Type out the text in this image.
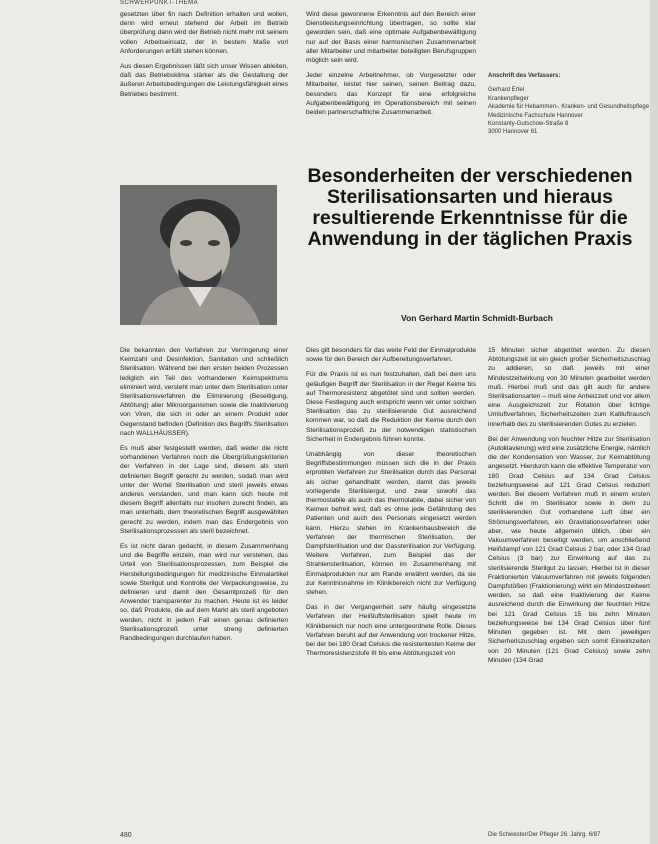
SCHWERPUNKT-THEMA

gesetzten über fin nach Definition erhalten und wollen, denn wird erneut stehend der Arbeit im Betrieb überprüfung dann wird der Betrieb nicht mehr mit seinem vollen Arbeitseinsatz, der in bestem Maße vorl Anforderungen erfüllt stehen können.

Aus diesen Ergebnissen läßt sich unser Wissen ableiten, daß das Betriebsklima stärker als die Gestaltung der äußeren Arbeitsbedingungen die Leistungsfähigkeit eines Betriebes bestimmt.

Wird diese gewonnene Erkenntnis auf den Bereich einer Dienstleistungseinrichtung übertragen, so sollte klar geworden sein, daß eine optimale Aufgabenbewältigung nur auf der Basis einer harmonischen Zusammenarbeit aller Mitarbeiter und mitarbeiter beteiligten Berufsgruppen möglich sein wird.

Jeder einzelne Arbeitnehmer, ob Vorgesetzter oder Mitarbeiter, leistet hier seinen, seinen Beitrag dazu, besonders das Konzept für eine erfolgreiche Aufgabenbewältigung im Operationsbereich mit seinen beiden partnerschaftliche Zusammenarbeit.

Anschrift des Verfassers:
Gerhard Ertel
Krankenpfleger
Akademie für Hebammen-, Kranken- und Gesundheitspflege
Medizinische Fachschule Hannover
Konstanty-Gutschow-Straße 8
3000 Hannover 61
Besonderheiten der verschiedenen Sterilisationsarten und hieraus resultierende Erkenntnisse für die Anwendung in der täglichen Praxis
Von Gerhard Martin Schmidt-Burbach

Die bekannten den Verfahren zur Verringerung einer Keimzahl und Desinfektion, Sanitation und schließlich Sterilisation. Während bei den ersten beiden Prozessen lediglich ein Teil des vorhandenen Keimspektrums eliminiert wird, versteht man unter dem Sterilisation unter Sterilisationsverfahren die Eliminierung (Beseitigung, Abtötung) aller Mikroorganismen sowie die Inaktivierung von Viren, die sich in oder an einem Produkt oder Gegenstand befinden (Definition des Begriffs Sterilisation nach WALLHÄUSSER).

Es muß aber festgestellt werden, daß weder die nicht vorhandenen Verfahren noch die Übergrüßungskriterien der Verfahren in der Lage sind, diesem als steril definierten Begriff gerecht zu werden, sodaß man wird unter der Wortel Sterilisation und steril jeweils etwas anderes verstanden, und man kann sich heute mit diesem Begriff allenfalls nur insofern zurecht finden, als man unterhalb, dem theoretischen Begriff ausgewählten gerecht zu werden, indem man das Endergebnis von Sterilisationsprozessen als steril bezeichnet.

Es ist nicht daran gedacht, in diesem Zusammenhang und die Begriffe einzeln, man wird nur verstehen, das Urteil von Sterilisationsprozessen, zum Beispiel die Herstellungsbedingungen für medizinische Einmalartikel sowie Sterilgut und Kontrolle der Verpackungsweise, zu definieren und damit den Gesamtprozeß für den Anwender transparenter zu machen. Heute ist es leider so, daß Produkte, die auf dem Markt als steril angeboten werden, nicht in jedem Fall einen genau definierten Sterilisationsprozeß unter streng definierten Randbedingungen durchlaufen haben.

Dies gilt besonders für das weite Feld der Einmalprodukte sowie für den Bereich der Aufbereitungsverfahren.

Für die Praxis ist es nun festzuhalten, daß bei dem uns geläufigen Begriff der Sterilisation in der Regel Keime bis auf Thermoresistenz abgetötet sind und sollten werden. Diese Festlegung auch entspricht wenn wir unter solchen Sterilisation das zu sterilisierende Gut ausreichend kommen war, so daß die Reduktion der Keime durch den Sterilisationsprozeß zu der notwendigen statistischen Sicherheit in Endergebnis führen konnte.

Unabhängig von dieser theoretischen Begriffsbestimmungen müssen sich die in der Praxis erprobten Verfahren zur Sterilisation durch das Personal als sicher gehandhabt werden, damit das jeweils vorliegende Sterilisiergut, und zwar sowohl das thermostabile als auch das thermolabile, dabei sicher von Keimen befreit wird, daß es ohne jede Gefährdung des Patienten und auch des Personals eingesetzt werden kann. Hierzu stehen im Krankenhausbereich die Verfahren der thermischen Sterilisation, der Dampfsterilisation und der Gassterilisation zur Verfügung. Weitere Verfahren, zum Beispiel das der Strahlensterilisation, können im Zusammenhang mit Einmalprodukten nur am Rande erwähnt werden, da sie zur Kenntnisnahme im Klinikbereich nicht zur Verfügung stehen.

Das in der Vergangenheit sehr häufig eingesetzte Verfahren der Heißluftsterilisation spielt heute im Klinikbereich nur noch eine untergeordnete Rolle. Dieses Verfahren beruht auf der Anwendung von trockener Hitze, bei der bei 180 Grad Celsius die resistentesten Keime der Thermoresistenzstufe III bis eine Abtötungszeit von

15 Minuten sicher abgetötet werden. Zu diesen Abtötungszeit ist ein gleich großer Sicherheitszuschlag zu addieren, so daß jeweils mit einer Mindestzeitwirkung von 30 Minuten gearbeitet werden muß. Hierbei muß und das gilt auch für andere Sterilisationsarten – muß eine Anheizzeit und vor allem eine Ausgleichszeit zur Rotation über lichtige Umluftverfahren, Sicherheitszeiten zum Kaltluftrausch innerhalb des zu sterilisierenden Gutes zu erzielen.

Bei der Anwendung von feuchter Hitze zur Sterilisation (Autoklavierung) wird eine zusätzliche Energie, nämlich die der Kondensation von Wasser, zur Keimabtötung angesetzt. Hierdurch kann die effektive Temperatur von 180 Grad Celsius auf 134 Grad Celsius beziehungsweise auf 121 Grad Celsius reduziert werden. Bei diesem Verfahren muß in einem ersten Schritt die im Sterilisator sowie in dem zu sterilisierenden Gut vorhandene Luft über ein Strömungsverfahren, ein Gravitationsverfahren oder aber, wie heute allgemein üblich, über ein Vakuumverfahren beseitigt werden, um anschließend Heißdampf von 121 Grad Celsius 2 bar, oder 134 Grad Celsius (3 bar) zur Einwirkung auf das zu sterilisierende Sterilgut zu lassen. Hierbei ist in dieser Fraktionierten Vakuumverfahren mit jeweils folgenden Dampfstößen (Fraktionierung) wirkt ein Mindestzeitwert werden, so daß eine Inaktivierung der Keime ausreichend durch die Einwirkung der feuchten Hitze bei 121 Grad Celsius 15 bis zehn Minuten beziehungsweise bei 134 Grad Celsius über fünf Minuten gegeben ist. Mit dem jeweiligen Sicherheitszuschlag ergeben sich somit Einwirkzeiten von 20 Minuten (121 Grad Celsius) sowie zehn Minuten (134 Grad

480	Die Schwester/Der Pfleger 26. Jahrg. 6/87
